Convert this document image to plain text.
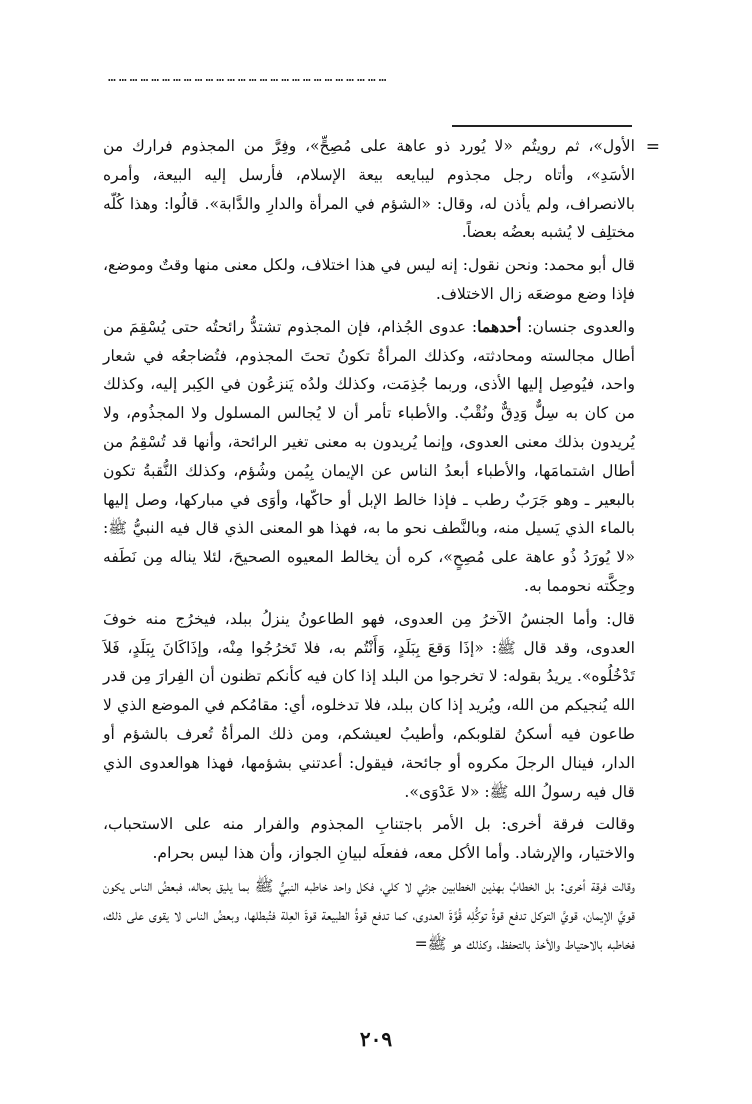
……………………………………………………………………
=

الأول»، ثم رويتُم «لا يُورد ذو عاهة على مُصِحٍّ»، وفِرَّ من المجذوم فرارك من الأسَدِ»، وأتاه رجل مجذوم ليبايعه بيعة الإسلام، فأرسل إليه البيعة، وأمره بالانصراف، ولم يأذن له، وقال: «الشؤم في المرأة والدارِ والدَّابة». قالُوا: وهذا كُلّه مختلِف لا يُشبه بعضُه بعضاً.

قال أبو محمد: ونحن نقول: إنه ليس في هذا اختلاف، ولكل معنى منها وقتٌ وموضع، فإذا وضع موضعَه زال الاختلاف.

والعدوى جنسان: أحدهما: عدوى الجُذام، فإن المجذوم تشتدُّ رائحتُه حتى يُسْقِمَ من أطال مجالسته ومحادثته، وكذلك المرأةُ تكونُ تحتَ المجذوم، فتُضاجعُه في شعار واحد، فيُوصِل إليها الأذى، وربما جُذِمَت، وكذلك ولدُه يَنزعُون في الكِبر إليه، وكذلك من كان به سِلٌّ وَدِقٌّ ونُقْبٌ. والأطباء تأمر أن لا يُجالس المسلول ولا المجذُوم، ولا يُريدون بذلك معنى العدوى، وإنما يُريدون به معنى تغير الرائحة، وأنها قد تُسْقِمُ من أطال اشتمامَها، والأطباء أبعدُ الناس عن الإيمان بِيُمن وشُؤم، وكذلك النُّقبةُ تكون بالبعير ـ وهو جَرَبٌ رطب ـ فإذا خالط الإبل أو حاكّها، وأوَى في مباركها، وصل إليها بالماء الذي يَسيل منه، وبالنَّطف نحو ما به، فهذا هو المعنى الذي قال فيه النبيُّ ﷺ: «لا يُورَدُ ذُو عاهة على مُصِحٍ»، كره أن يخالط المعيوه الصحيحَ، لئلا يناله مِن نَطَفه وحِكَّته نحومما به.

قال: وأما الجنسُ الآخرُ مِن العدوى، فهو الطاعونُ ينزلُ ببلد، فيخرُج منه خوفَ العدوى، وقد قال ﷺ: «إذَا وَقعَ بِبَلَدٍ، وَأَنْتُم به، فلا تَخرُجُوا مِنْه، وإذَاكَانَ بِبَلَدٍ، فَلاَ تَدْخُلُوه». يريدُ بقوله: لا تخرجوا من البلد إذا كان فيه كأنكم تظنون أن الفِرارَ مِن قدر الله يُنجيكم من الله، ويُريد إذا كان ببلد، فلا تدخلوه، أي: مقامُكم في الموضع الذي لا طاعون فيه أسكنُ لقلوبكم، وأطيبُ لعيشكم، ومن ذلك المرأةُ تُعرف بالشؤم أو الدار، فينال الرجلَ مكروه أو جائحة، فيقول: أعدتني بشؤمها، فهذا هوالعدوى الذي قال فيه رسولُ الله ﷺ: «لا عَدْوَى».

وقالت فرقة أخرى: بل الأمر باجتنابِ المجذوم والفرار منه على الاستحباب، والاختيار، والإرشاد. وأما الأكل معه، ففعلَه لبيانِ الجواز، وأن هذا ليس بحرام.

وقالت فرقة أخرى: بل الخطابُ بهذين الخطابين جزئي لا كلي، فكل واحد خاطبه النبيُّ ﷺ بما يليق بحاله، فبعضُ الناس يكون قويَّ الإيمان، قويَّ التوكل تدفع قوةُ توكُّلِه قُوَّةَ العدوى، كما تدفع قوةُ الطبيعة قوةَ العِلة فتُبطلها، وبعضُ الناس لا يقوى على ذلك، فخاطبه بالاحتياط والأخذ بالتحفظ، وكذلك هو ﷺ=

٢٠٩
